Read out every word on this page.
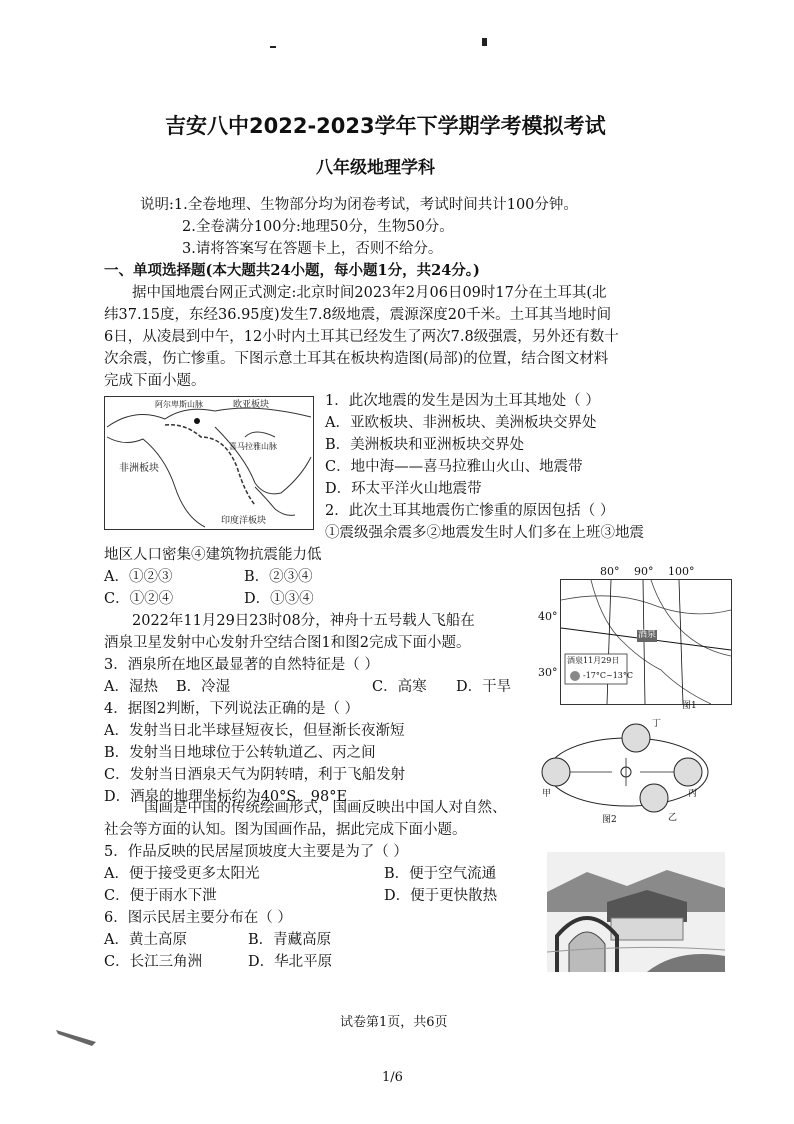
吉安八中2022-2023学年下学期学考模拟考试
八年级地理学科
说明:1.全卷地理、生物部分均为闭卷考试，考试时间共计100分钟。
2.全卷满分100分:地理50分，生物50分。
3.请将答案写在答题卡上，否则不给分。
一、单项选择题(本大题共24小题，每小题1分，共24分。)
据中国地震台网正式测定:北京时间2023年2月06日09时17分在土耳其(北
纬37.15度，东经36.95度)发生7.8级地震，震源深度20千米。土耳其当地时间
6日，从凌晨到中午，12小时内土耳其已经发生了两次7.8级强震，另外还有数十
次余震，伤亡惨重。下图示意土耳其在板块构造图(局部)的位置，结合图文材料
完成下面小题。
欧亚板块
阿尔卑斯山脉
喜马拉雅山脉
非洲板块
印度洋板块
1．此次地震的发生是因为土耳其地处（ ）
A．亚欧板块、非洲板块、美洲板块交界处
B．美洲板块和亚洲板块交界处
C．地中海——喜马拉雅山火山、地震带
D．环太平洋火山地震带
2．此次土耳其地震伤亡惨重的原因包括（ ）
①震级强余震多②地震发生时人们多在上班③地震
地区人口密集④建筑物抗震能力低
A．①②③	B．②③④
C．①②④	D．①③④
2022年11月29日23时08分，神舟十五号载人飞船在
酒泉卫星发射中心发射升空结合图1和图2完成下面小题。
3．酒泉所在地区最显著的自然特征是（ ）
A．湿热 B．冷湿	C．高寒 D．干旱
4．据图2判断，下列说法正确的是（ ）
A．发射当日北半球昼短夜长，但昼渐长夜渐短
B．发射当日地球位于公转轨道乙、丙之间
C．发射当日酒泉天气为阴转晴，利于飞船发射
D．酒泉的地理坐标约为40°S，98°E
酒泉
酒泉11月29日
-17°C~13°C
80° 90° 100°
40°
30°
图1
甲
乙
丙
丁
图2
国画是中国的传统绘画形式，国画反映出中国人对自然、
社会等方面的认知。图为国画作品，据此完成下面小题。
5．作品反映的民居屋顶坡度大主要是为了（ ）
A．便于接受更多太阳光	B．便于空气流通
C．便于雨水下泄	D．便于更快散热
6．图示民居主要分布在（ ）
A．黄土高原	B．青藏高原
C．长江三角洲	D．华北平原
试卷第1页，共6页
1/6
